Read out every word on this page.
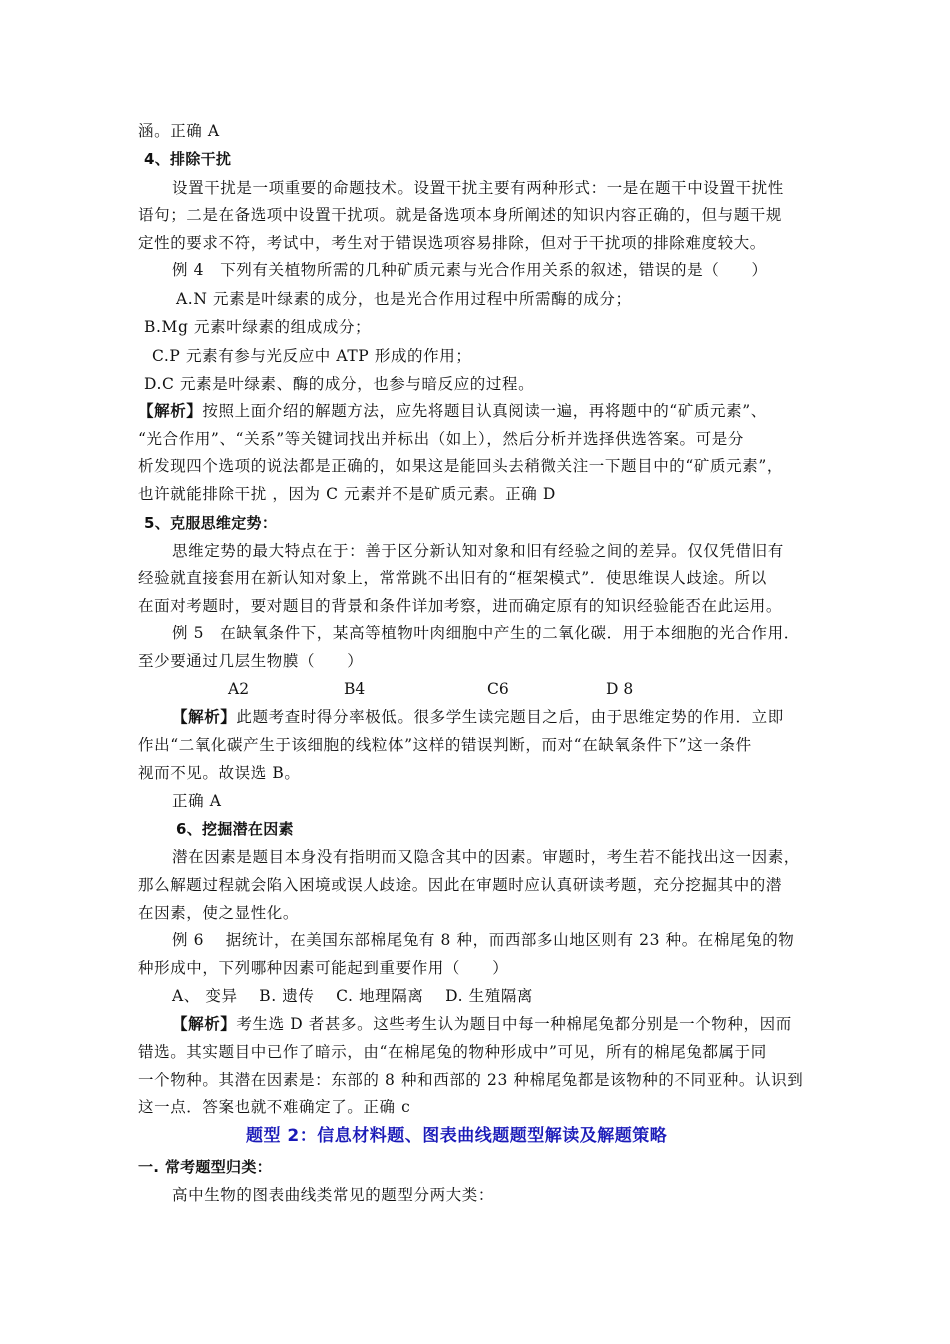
涵。正确 A
4、排除干扰
设置干扰是一项重要的命题技术。设置干扰主要有两种形式：一是在题干中设置干扰性
语句；二是在备选项中设置干扰项。就是备选项本身所阐述的知识内容正确的，但与题干规
定性的要求不符，考试中，考生对于错误选项容易排除，但对于干扰项的排除难度较大。
例 4　下列有关植物所需的几种矿质元素与光合作用关系的叙述，错误的是（　　）
A.N 元素是叶绿素的成分，也是光合作用过程中所需酶的成分；
B.Mg 元素叶绿素的组成成分；
C.P 元素有参与光反应中 ATP 形成的作用；
D.C 元素是叶绿素、酶的成分，也参与暗反应的过程。
【解析】按照上面介绍的解题方法，应先将题目认真阅读一遍，再将题中的“矿质元素”、
“光合作用”、“关系”等关键词找出并标出（如上），然后分析并选择供选答案。可是分
析发现四个选项的说法都是正确的，如果这是能回头去稍微关注一下题目中的“矿质元素”，
也许就能排除干扰 ，因为 C 元素并不是矿质元素。正确 D
5、克服思维定势：
思维定势的最大特点在于：善于区分新认知对象和旧有经验之间的差异。仅仅凭借旧有
经验就直接套用在新认知对象上，常常跳不出旧有的“框架模式”．使思维误人歧途。所以
在面对考题时，要对题目的背景和条件详加考察，进而确定原有的知识经验能否在此运用。
例 5　在缺氧条件下，某高等植物叶肉细胞中产生的二氧化碳．用于本细胞的光合作用．
至少要通过几层生物膜（　　）
A2	B4	C6	D 8
【解析】此题考查时得分率极低。很多学生读完题目之后，由于思维定势的作用．立即
作出“二氧化碳产生于该细胞的线粒体”这样的错误判断，而对“在缺氧条件下”这一条件
视而不见。故误选 B。
正确 A
6、挖掘潜在因素
潜在因素是题目本身没有指明而又隐含其中的因素。审题时，考生若不能找出这一因素，
那么解题过程就会陷入困境或误人歧途。因此在审题时应认真研读考题，充分挖掘其中的潜
在因素，使之显性化。
例 6　 据统计，在美国东部棉尾兔有 8 种，而西部多山地区则有 23 种。在棉尾兔的物
种形成中，下列哪种因素可能起到重要作用（　　）
A、 变异　 B. 遗传　 C. 地理隔离　 D. 生殖隔离
【解析】考生选 D 者甚多。这些考生认为题目中每一种棉尾兔都分别是一个物种，因而
错选。其实题目中已作了暗示，由“在棉尾兔的物种形成中”可见，所有的棉尾兔都属于同
一个物种。其潜在因素是：东部的 8 种和西部的 23 种棉尾兔都是该物种的不同亚种。认识到
这一点．答案也就不难确定了。正确 c
题型 2：信息材料题、图表曲线题题型解读及解题策略
一. 常考题型归类：
高中生物的图表曲线类常见的题型分两大类：
